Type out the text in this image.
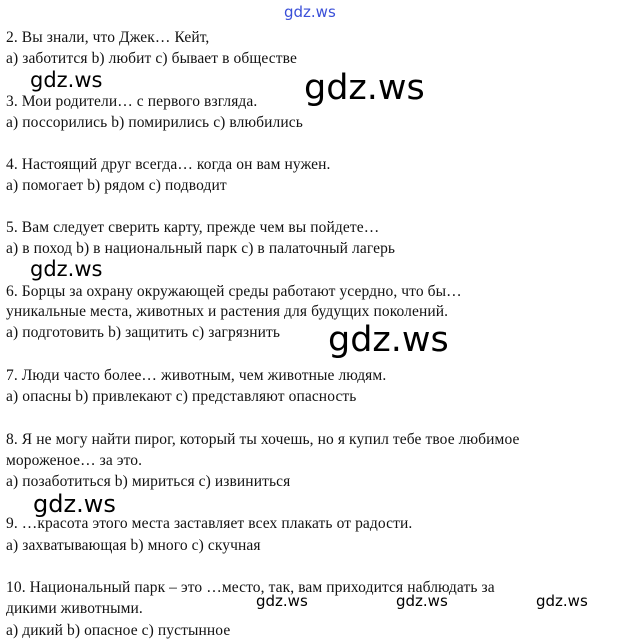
gdz.ws
2. Вы знали, что Джек… Кейт,
a) заботится b) любит c) бывает в обществе
gdz.ws	gdz.ws
3. Мои родители… с первого взгляда.
a) поссорились b) помирились c) влюбились
4. Настоящий друг всегда… когда он вам нужен.
a) помогает b) рядом c) подводит
5. Вам следует сверить карту, прежде чем вы пойдете…
a) в поход b) в национальный парк c) в палаточный лагерь
gdz.ws
6. Борцы за охрану окружающей среды работают усердно, что бы…
уникальные места, животных и растения для будущих поколений.
a) подготовить b) защитить c) загрязнить gdz.ws
7. Люди часто более… животным, чем животные людям.
a) опасны b) привлекают c) представляют опасность
8. Я не могу найти пирог, который ты хочешь, но я купил тебе твое любимое
мороженое… за это.
a) позаботиться b) мириться c) извиниться
gdz.ws
9. …красота этого места заставляет всех плакать от радости.
a) захватывающая b) много c) скучная
10. Национальный парк – это …место, так, вам приходится наблюдать за
дикими животными.	gdz.ws	gdz.ws	gdz.ws
a) дикий b) опасное c) пустынное
